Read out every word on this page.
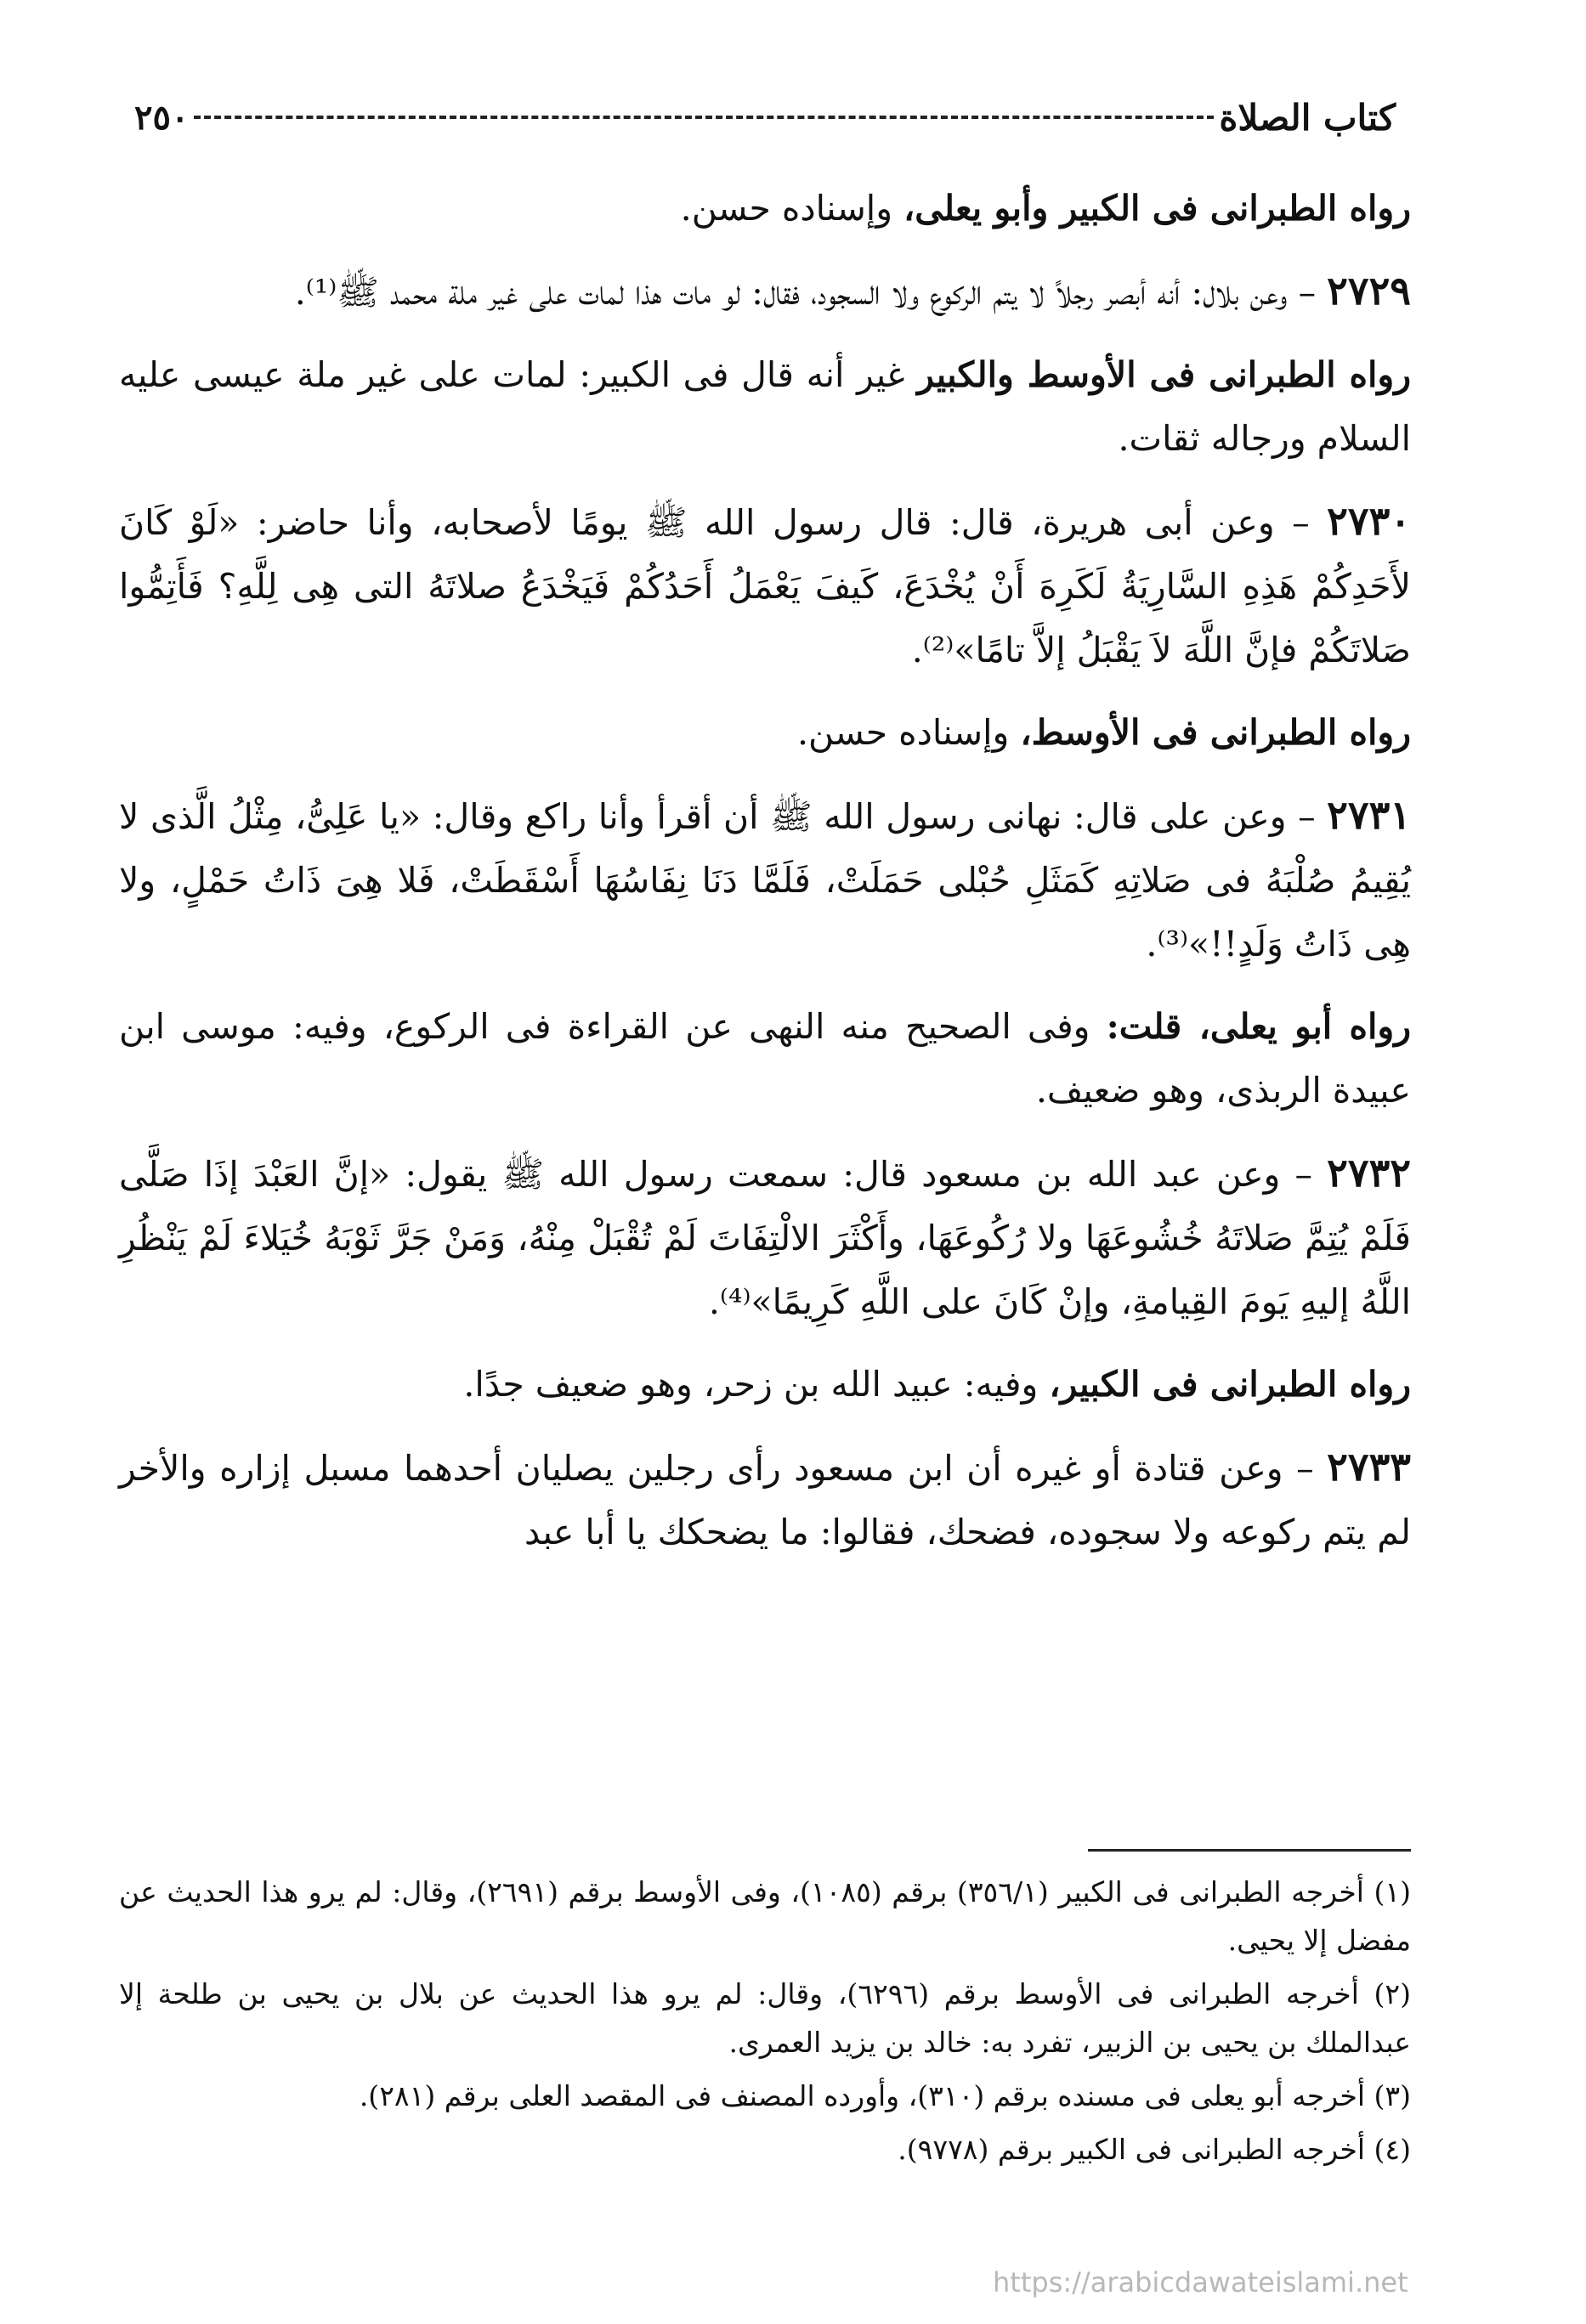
كتاب الصلاة
٢٥٠

رواه الطبرانى فى الكبير وأبو يعلى، وإسناده حسن.

٢٧٢٩ – وعن بلال: أنه أبصر رجلاً لا يتم الركوع ولا السجود، فقال: لو مات هذا لمات على غير ملة محمد ﷺ⁽¹⁾.

رواه الطبرانى فى الأوسط والكبير غير أنه قال فى الكبير: لمات على غير ملة عيسى عليه السلام ورجاله ثقات.

٢٧٣٠ – وعن أبى هريرة، قال: قال رسول الله ﷺ يومًا لأصحابه، وأنا حاضر: «لَوْ كَانَ لأَحَدِكُمْ هَذِهِ السَّارِيَةُ لَكَرِهَ أَنْ يُخْدَعَ، كَيفَ يَعْمَلُ أَحَدُكُمْ فَيَخْدَعُ صلاتَهُ التى هِى لِلَّهِ؟ فَأَتِمُّوا صَلاتَكُمْ فإنَّ اللَّهَ لاَ يَقْبَلُ إلاَّ تامًا»⁽²⁾.

رواه الطبرانى فى الأوسط، وإسناده حسن.

٢٧٣١ – وعن على قال: نهانى رسول الله ﷺ أن أقرأ وأنا راكع وقال: «يا عَلِىُّ، مِثْلُ الَّذى لا يُقِيمُ صُلْبَهُ فى صَلاتِهِ كَمَثَلِ حُبْلى حَمَلَتْ، فَلَمَّا دَنَا نِفَاسُهَا أَسْقَطَتْ، فَلا هِىَ ذَاتُ حَمْلٍ، ولا هِى ذَاتُ وَلَدٍ!!»⁽³⁾.

رواه أبو يعلى، قلت: وفى الصحيح منه النهى عن القراءة فى الركوع، وفيه: موسى ابن عبيدة الربذى، وهو ضعيف.

٢٧٣٢ – وعن عبد الله بن مسعود قال: سمعت رسول الله ﷺ يقول: «إنَّ العَبْدَ إذَا صَلَّى فَلَمْ يُتِمَّ صَلاتَهُ خُشُوعَهَا ولا رُكُوعَهَا، وأَكْثَرَ الالْتِفَاتَ لَمْ تُقْبَلْ مِنْهُ، وَمَنْ جَرَّ ثَوْبَهُ خُيَلاءَ لَمْ يَنْظُرِ اللَّهُ إليهِ يَومَ القِيامةِ، وإنْ كَانَ على اللَّهِ كَرِيمًا»⁽⁴⁾.

رواه الطبرانى فى الكبير، وفيه: عبيد الله بن زحر، وهو ضعيف جدًا.

٢٧٣٣ – وعن قتادة أو غيره أن ابن مسعود رأى رجلين يصليان أحدهما مسبل إزاره والأخر لم يتم ركوعه ولا سجوده، فضحك، فقالوا: ما يضحكك يا أبا عبد

(١) أخرجه الطبرانى فى الكبير (٣٥٦/١) برقم (١٠٨٥)، وفى الأوسط برقم (٢٦٩١)، وقال: لم يرو هذا الحديث عن مفضل إلا يحيى.

(٢) أخرجه الطبرانى فى الأوسط برقم (٦٢٩٦)، وقال: لم يرو هذا الحديث عن بلال بن يحيى بن طلحة إلا عبدالملك بن يحيى بن الزبير، تفرد به: خالد بن يزيد العمرى.

(٣) أخرجه أبو يعلى فى مسنده برقم (٣١٠)، وأورده المصنف فى المقصد العلى برقم (٢٨١).

(٤) أخرجه الطبرانى فى الكبير برقم (٩٧٧٨).

https://arabicdawateislami.net
